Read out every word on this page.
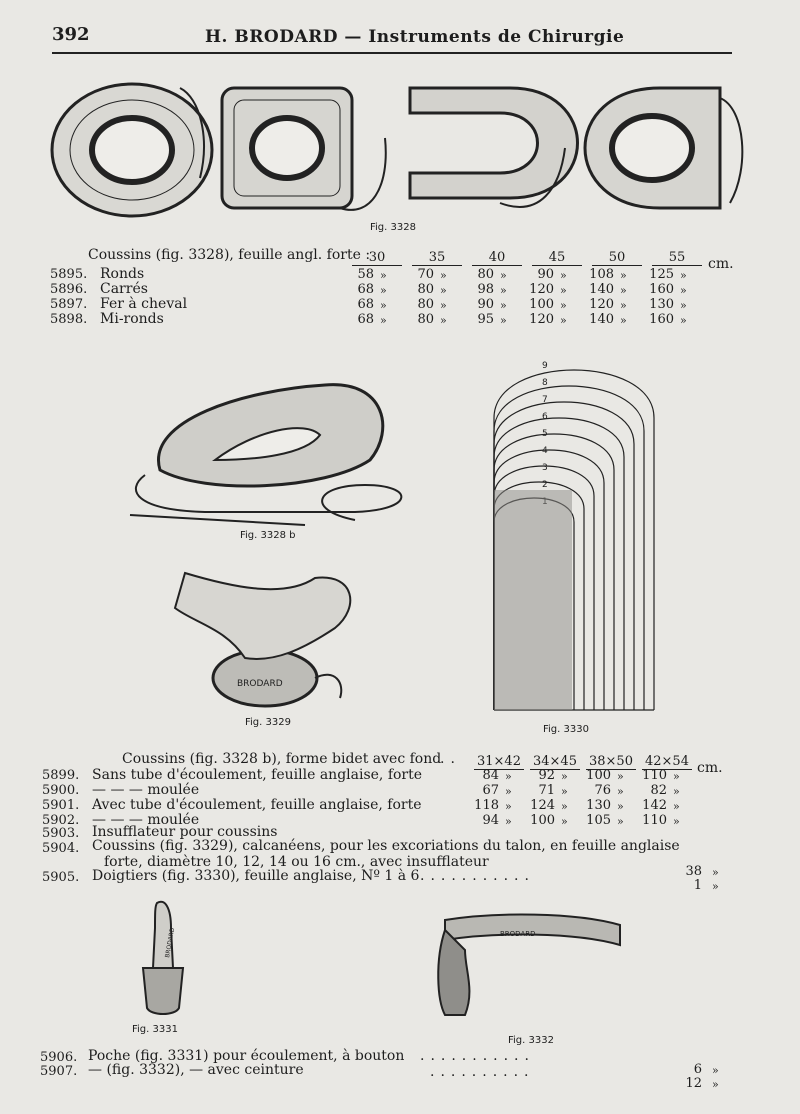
392	H. BRODARD — Instruments de Chirurgie
Fig. 3328
Coussins (fig. 3328), feuille angl. forte :
30	35	40	45	50	55	cm.
5895. Ronds	58 »	70 »	80 »	90 »	108 »	125 »
5896. Carrés	68 »	80 »	98 »	120 »	140 »	160 »
5897. Fer à cheval	68 »	80 »	90 »	100 »	120 »	130 »
5898. Mi-ronds	68 »	80 »	95 »	120 »	140 »	160 »
Fig. 3328 b
BRODARD
Fig. 3329
9
8
7
6
5
4
3
2
Fig. 3330
Coussins (fig. 3328 b), forme bidet avec fond
.. 31×42 34×45 38×50 42×54 cm.
5899. Sans tube d'écoulement, feuille anglaise, forte	84 »	92 »	100 »	110 »
5900. — — — moulée	67 »	71 »	76 »	82 »
5901. Avec tube d'écoulement, feuille anglaise, forte	118 »	124 »	130 »	142 »
5902. — — — moulée	94 »	100 »	105 »	110 »
5903. Insufflateur pour coussins
5904. Coussins (fig. 3329), calcanéens, pour les excoriations du talon, en feuille anglaise
forte, diamètre 10, 12, 14 ou 16 cm., avec insufflateur
5905. Doigtiers (fig. 3330), feuille anglaise, Nº 1 à 6 ...........	38 »
1 »
BRODARD
Fig. 3331
BRODARD
Fig. 3332
5906. Poche (fig. 3331) pour écoulement, à bouton ...........
6 »
5907. — (fig. 3332), — avec ceinture	..........
12 »
